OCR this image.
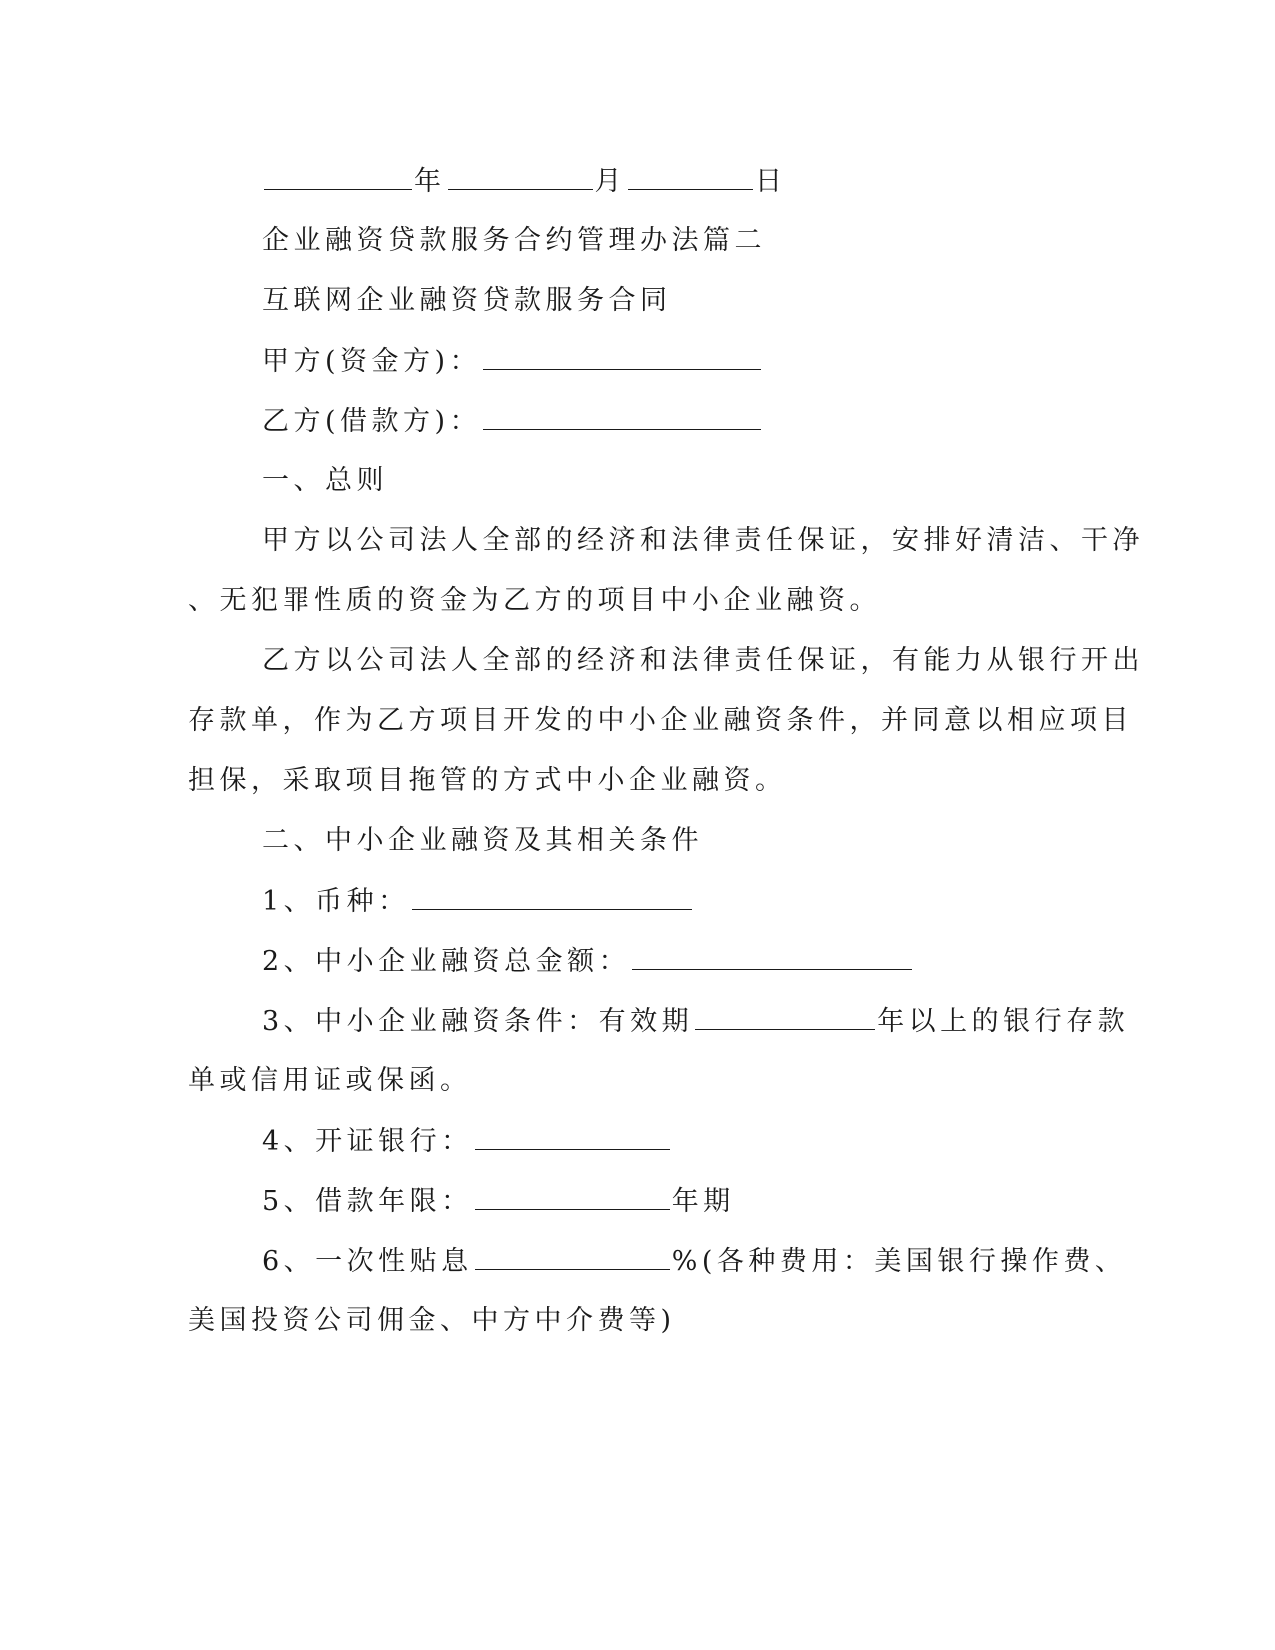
年	月	日
企业融资贷款服务合约管理办法篇二
互联网企业融资贷款服务合同
甲方(资金方)：
乙方(借款方)：
一、总则
甲方以公司法人全部的经济和法律责任保证，安排好清洁、干净
、无犯罪性质的资金为乙方的项目中小企业融资。
乙方以公司法人全部的经济和法律责任保证，有能力从银行开出
存款单，作为乙方项目开发的中小企业融资条件，并同意以相应项目
担保，采取项目拖管的方式中小企业融资。
二、中小企业融资及其相关条件
1、币种：
2、中小企业融资总金额：
3、中小企业融资条件：有效期	年以上的银行存款
单或信用证或保函。
4、开证银行：
5、借款年限：	年期
6、一次性贴息	%(各种费用：美国银行操作费、
美国投资公司佣金、中方中介费等)
